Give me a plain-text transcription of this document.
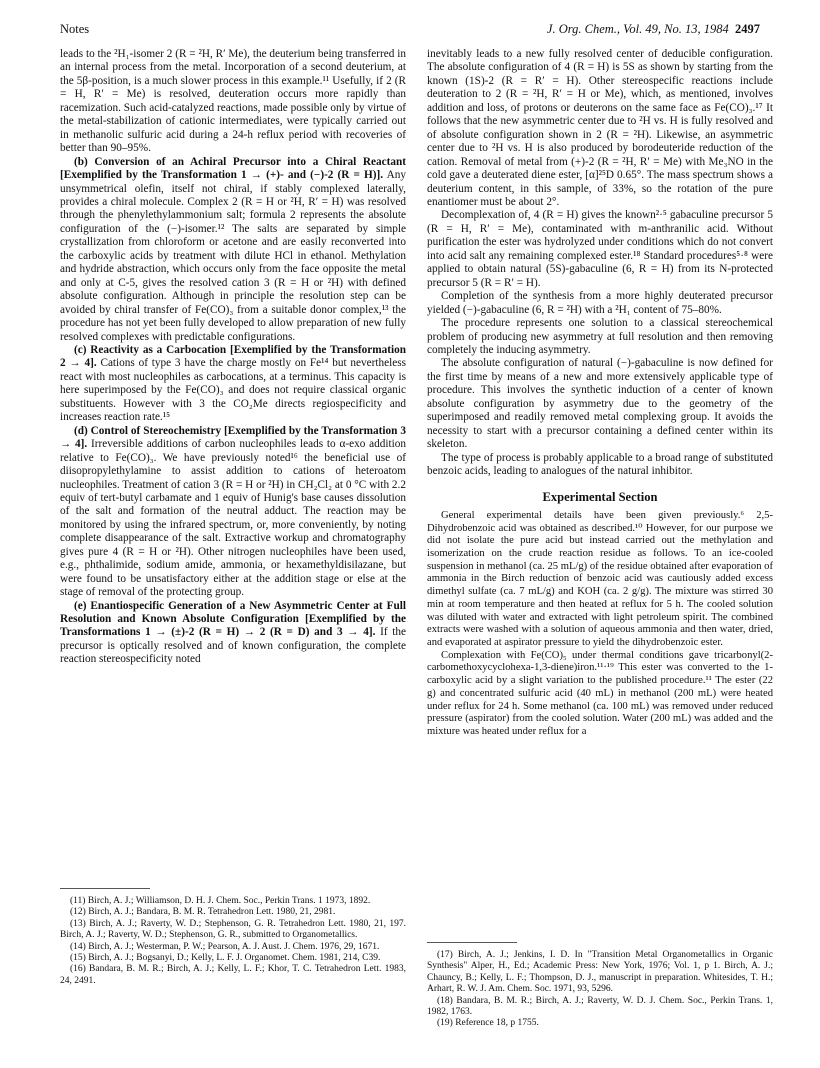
Notes	J. Org. Chem., Vol. 49, No. 13, 1984 2497

leads to the ²H₁-isomer 2 (R = ²H, R′ Me), the deuterium being transferred in an internal process from the metal. Incorporation of a second deuterium, at the 5β-position, is a much slower process in this example.¹¹ Usefully, if 2 (R = H, R′ = Me) is resolved, deuteration occurs more rapidly than racemization. Such acid-catalyzed reactions, made possible only by virtue of the metal-stabilization of cationic intermediates, were typically carried out in methanolic sulfuric acid during a 24-h reflux period with recoveries of better than 90–95%.

(b) Conversion of an Achiral Precursor into a Chiral Reactant [Exemplified by the Transformation 1 → (+)- and (−)-2 (R = H)]. Any unsymmetrical olefin, itself not chiral, if stably complexed laterally, provides a chiral molecule. Complex 2 (R = H or ²H, R′ = H) was resolved through the phenylethylammonium salt; formula 2 represents the absolute configuration of the (−)-isomer.¹² The salts are separated by simple crystallization from chloroform or acetone and are easily reconverted into the carboxylic acids by treatment with dilute HCl in ethanol. Methylation and hydride abstraction, which occurs only from the face opposite the metal and only at C-5, gives the resolved cation 3 (R = H or ²H) with defined absolute configuration. Although in principle the resolution step can be avoided by chiral transfer of Fe(CO)₃ from a suitable donor complex,¹³ the procedure has not yet been fully developed to allow preparation of new fully resolved complexes with predictable configurations.

(c) Reactivity as a Carbocation [Exemplified by the Transformation 2 → 4]. Cations of type 3 have the charge mostly on Fe¹⁴ but nevertheless react with most nucleophiles as carbocations, at a terminus. This capacity is here superimposed by the Fe(CO)₃ and does not require classical organic substituents. However with 3 the CO₂Me directs regiospecificity and increases reaction rate.¹⁵

(d) Control of Stereochemistry [Exemplified by the Transformation 3 → 4]. Irreversible additions of carbon nucleophiles leads to α-exo addition relative to Fe(CO)₃. We have previously noted¹⁶ the beneficial use of diisopropylethylamine to assist addition to cations of heteroatom nucleophiles. Treatment of cation 3 (R = H or ²H) in CH₂Cl₂ at 0 °C with 2.2 equiv of tert-butyl carbamate and 1 equiv of Hunig's base causes dissolution of the salt and formation of the neutral adduct. The reaction may be monitored by using the infrared spectrum, or, more conveniently, by noting complete disappearance of the salt. Extractive workup and chromatography gives pure 4 (R = H or ²H). Other nitrogen nucleophiles have been used, e.g., phthalimide, sodium amide, ammonia, or hexamethyldisilazane, but were found to be unsatisfactory either at the addition stage or else at the stage of removal of the protecting group.

(e) Enantiospecific Generation of a New Asymmetric Center at Full Resolution and Known Absolute Configuration [Exemplified by the Transformations 1 → (±)-2 (R = H) → 2 (R = D) and 3 → 4]. If the precursor is optically resolved and of known configuration, the complete reaction stereospecificity noted

(11) Birch, A. J.; Williamson, D. H. J. Chem. Soc., Perkin Trans. 1 1973, 1892.

(12) Birch, A. J.; Bandara, B. M. R. Tetrahedron Lett. 1980, 21, 2981.

(13) Birch, A. J.; Raverty, W. D.; Stephenson, G. R. Tetrahedron Lett. 1980, 21, 197. Birch, A. J.; Raverty, W. D.; Stephenson, G. R., submitted to Organometallics.

(14) Birch, A. J.; Westerman, P. W.; Pearson, A. J. Aust. J. Chem. 1976, 29, 1671.

(15) Birch, A. J.; Bogsanyi, D.; Kelly, L. F. J. Organomet. Chem. 1981, 214, C39.

(16) Bandara, B. M. R.; Birch, A. J.; Kelly, L. F.; Khor, T. C. Tetrahedron Lett. 1983, 24, 2491.

inevitably leads to a new fully resolved center of deducible configuration. The absolute configuration of 4 (R = H) is 5S as shown by starting from the known (1S)-2 (R = R′ = H). Other stereospecific reactions include deuteration to 2 (R = ²H, R′ = H or Me), which, as mentioned, involves addition and loss, of protons or deuterons on the same face as Fe(CO)₃.¹⁷ It follows that the new asymmetric center due to ²H vs. H is fully resolved and of absolute configuration shown in 2 (R = ²H). Likewise, an asymmetric center due to ²H vs. H is also produced by borodeuteride reduction of the cation. Removal of metal from (+)-2 (R = ²H, R′ = Me) with Me₃NO in the cold gave a deuterated diene ester, [α]²⁵D 0.65°. The mass spectrum shows a deuterium content, in this sample, of 33%, so the rotation of the pure enantiomer must be about 2°.

Decomplexation of, 4 (R = H) gives the known²·⁵ gabaculine precursor 5 (R = H, R′ = Me), contaminated with m-anthranilic acid. Without purification the ester was hydrolyzed under conditions which do not convert into acid salt any remaining complexed ester.¹⁸ Standard procedures⁵·⁸ were applied to obtain natural (5S)-gabaculine (6, R = H) from its N-protected precursor 5 (R = R′ = H).

Completion of the synthesis from a more highly deuterated precursor yielded (−)-gabaculine (6, R = ²H) with a ²H₁ content of 75–80%.

The procedure represents one solution to a classical stereochemical problem of producing new asymmetry at full resolution and then removing completely the inducing asymmetry.

The absolute configuration of natural (−)-gabaculine is now defined for the first time by means of a new and more extensively applicable type of procedure. This involves the synthetic induction of a center of known absolute configuration by asymmetry due to the geometry of the superimposed and readily removed metal complexing group. It avoids the necessity to start with a precursor containing a defined center within its skeleton.

The type of process is probably applicable to a broad range of substituted benzoic acids, leading to analogues of the natural inhibitor.

Experimental Section

General experimental details have been given previously.⁶ 2,5-Dihydrobenzoic acid was obtained as described.¹⁰ However, for our purpose we did not isolate the pure acid but instead carried out the methylation and isomerization on the crude reaction residue as follows. To an ice-cooled suspension in methanol (ca. 25 mL/g) of the residue obtained after evaporation of ammonia in the Birch reduction of benzoic acid was cautiously added excess dimethyl sulfate (ca. 7 mL/g) and KOH (ca. 2 g/g). The mixture was stirred 30 min at room temperature and then heated at reflux for 5 h. The cooled solution was diluted with water and extracted with light petroleum spirit. The combined extracts were washed with a solution of aqueous ammonia and then water, dried, and evaporated at aspirator pressure to yield the dihydrobenzoic ester.

Complexation with Fe(CO)₅ under thermal conditions gave tricarbonyl(2-carbomethoxycyclohexa-1,3-diene)iron.¹¹·¹⁹ This ester was converted to the 1-carboxylic acid by a slight variation to the published procedure.¹¹ The ester (22 g) and concentrated sulfuric acid (40 mL) in methanol (200 mL) were heated under reflux for 24 h. Some methanol (ca. 100 mL) was removed under reduced pressure (aspirator) from the cooled solution. Water (200 mL) was added and the mixture was heated under reflux for a

(17) Birch, A. J.; Jenkins, I. D. In "Transition Metal Organometallics in Organic Synthesis" Alper, H., Ed.; Academic Press: New York, 1976; Vol. 1, p 1. Birch, A. J.; Chauncy, B.; Kelly, L. F.; Thompson, D. J., manuscript in preparation. Whitesides, T. H.; Arhart, R. W. J. Am. Chem. Soc. 1971, 93, 5296.

(18) Bandara, B. M. R.; Birch, A. J.; Raverty, W. D. J. Chem. Soc., Perkin Trans. 1, 1982, 1763.

(19) Reference 18, p 1755.
